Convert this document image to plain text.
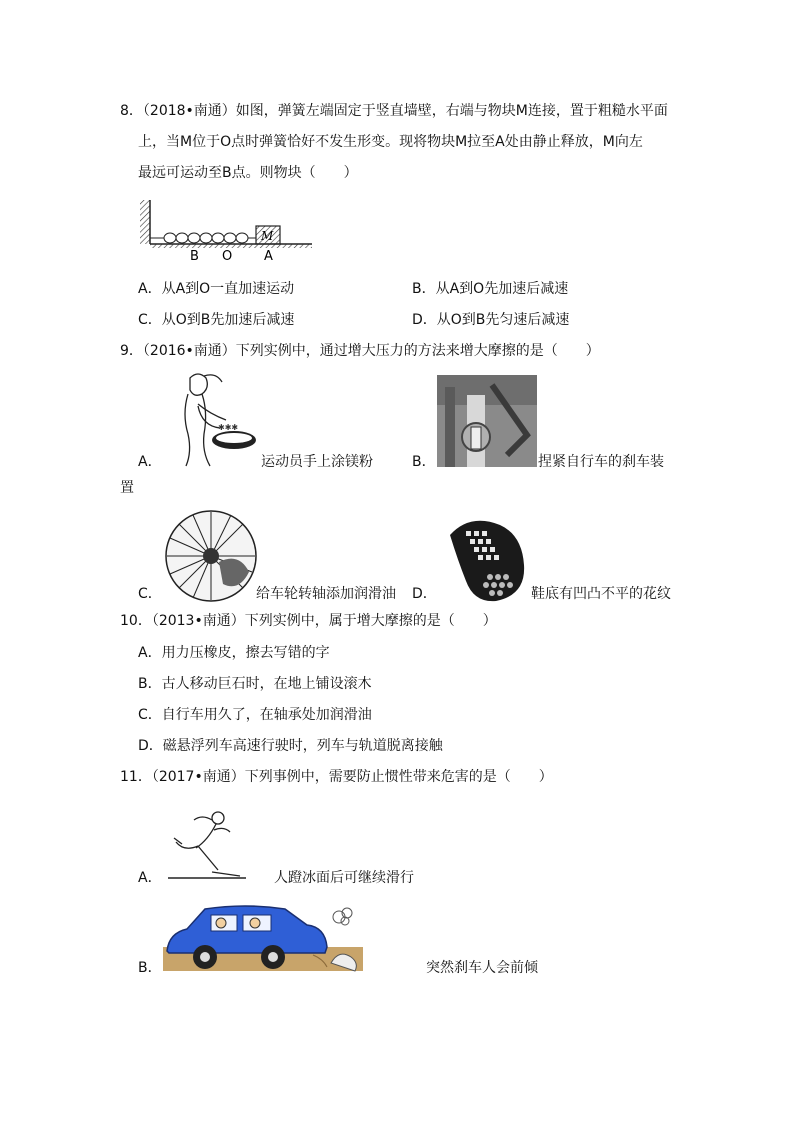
8．（2018•南通）如图，弹簧左端固定于竖直墙壁，右端与物块M连接，置于粗糙水平面
上，当M位于O点时弹簧恰好不发生形变。现将物块M拉至A处由静止释放，M向左
最远可运动至B点。则物块（　　）
M
B O A
A．从A到O一直加速运动	B．从A到O先加速后减速
C．从O到B先加速后减速	D．从O到B先匀速后减速
9．（2016•南通）下列实例中，通过增大压力的方法来增大摩擦的是（　　）
✱✱✱
A．	运动员手上涂镁粉	B．	捏紧自行车的刹车装
置
C．	给车轮转轴添加润滑油 D．	鞋底有凹凸不平的花纹
10．（2013•南通）下列实例中，属于增大摩擦的是（　　）
A．用力压橡皮，擦去写错的字
B．古人移动巨石时，在地上铺设滚木
C．自行车用久了，在轴承处加润滑油
D．磁悬浮列车高速行驶时，列车与轨道脱离接触
11．（2017•南通）下列事例中，需要防止惯性带来危害的是（　　）
A．	人蹬冰面后可继续滑行
B．	突然刹车人会前倾
